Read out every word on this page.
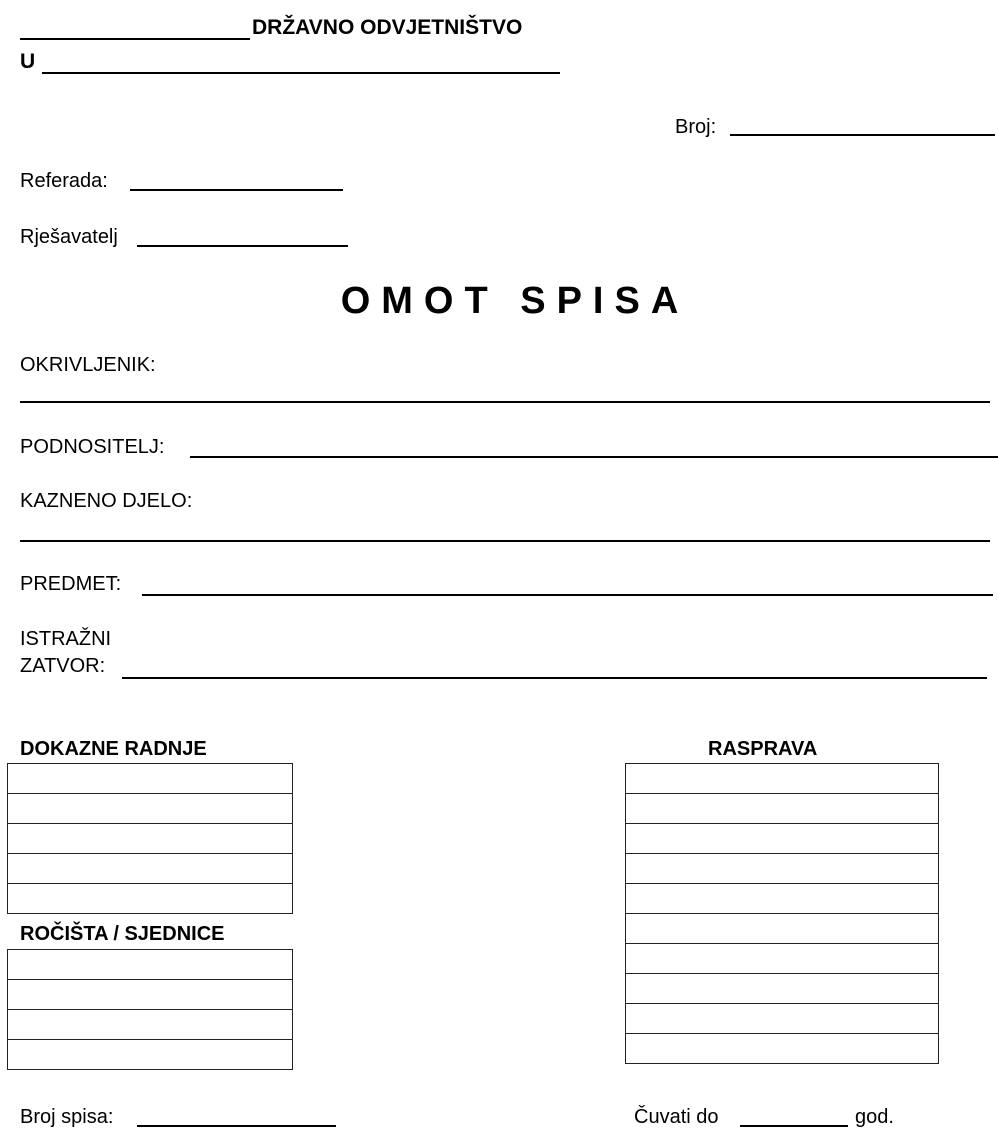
DRŽAVNO ODVJETNIŠTVO
U
Broj:
Referada:
Rješavatelj
OMOT SPISA
OKRIVLJENIK:
PODNOSITELJ:
KAZNENO DJELO:
PREDMET:
ISTRAŽNI
ZATVOR:
DOKAZNE RADNJE

ROČIŠTA / SJEDNICE

RASPRAVA

Broj spisa:	Čuvati do	god.
